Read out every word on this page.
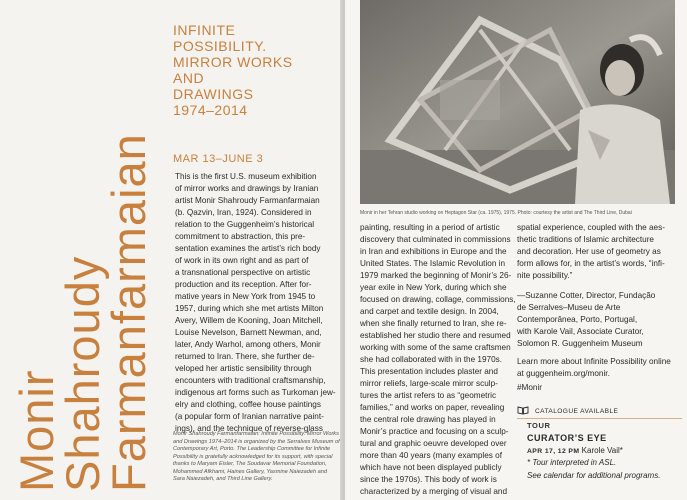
Monir
Shahroudy
Farmanfarmaian
INFINITE
POSSIBILITY.
MIRROR WORKS
AND
DRAWINGS
1974–2014
MAR 13–JUNE 3
This is the first U.S. museum exhibition
of mirror works and drawings by Iranian
artist Monir Shahroudy Farmanfarmaian
(b. Qazvin, Iran, 1924). Considered in
relation to the Guggenheim’s historical
commitment to abstraction, this pre-
sentation examines the artist’s rich body
of work in its own right and as part of
a transnational perspective on artistic
production and its reception. After for-
mative years in New York from 1945 to
1957, during which she met artists Milton
Avery, Willem de Kooning, Joan Mitchell,
Louise Nevelson, Barnett Newman, and,
later, Andy Warhol, among others, Monir
returned to Iran. There, she further de-
veloped her artistic sensibility through
encounters with traditional craftsmanship,
indigenous art forms such as Turkoman jew-
elry and clothing, coffee house paintings
(a popular form of Iranian narrative paint-
ings), and the technique of reverse-glass
Monir Shahroudy Farmanfarmaian: Infinite Possibility. Mirror Works
and Drawings 1974–2014 is organized by the Serralves Museum of
Contemporary Art, Porto. The Leadership Committee for Infinite
Possibility is gratefully acknowledged for its support, with special
thanks to Maryam Eisler, The Soudavar Memorial Foundation,
Mohammed Afkhami, Haines Gallery, Yasmine Naiezadeh and
Sara Naiezadeh, and Third Line Gallery.
Monir in her Tehran studio working on Heptagon Star (ca. 1975), 1975. Photo: courtesy the artist and The Third Line, Dubai
painting, resulting in a period of artistic
discovery that culminated in commissions
in Iran and exhibitions in Europe and the
United States. The Islamic Revolution in
1979 marked the beginning of Monir’s 26-
year exile in New York, during which she
focused on drawing, collage, commissions,
and carpet and textile design. In 2004,
when she finally returned to Iran, she re-
established her studio there and resumed
working with some of the same craftsmen
she had collaborated with in the 1970s.
This presentation includes plaster and
mirror reliefs, large-scale mirror sculp-
tures the artist refers to as “geometric
families,” and works on paper, revealing
the central role drawing has played in
Monir’s practice and focusing on a sculp-
tural and graphic oeuvre developed over
more than 40 years (many examples of
which have not been displayed publicly
since the 1970s). This body of work is
characterized by a merging of visual and
spatial experience, coupled with the aes-
thetic traditions of Islamic architecture
and decoration. Her use of geometry as
form allows for, in the artist’s words, “infi-
nite possibility.”
—Suzanne Cotter, Director, Fundação
de Serralves–Museu de Arte
Contemporânea, Porto, Portugal,
with Karole Vail, Associate Curator,
Solomon R. Guggenheim Museum
Learn more about Infinite Possibility online
at guggenheim.org/monir.
#Monir
CATALOGUE AVAILABLE
TOUR
CURATOR’S EYE
APR 17, 12 PM Karole Vail*
* Tour interpreted in ASL.
See calendar for additional programs.
